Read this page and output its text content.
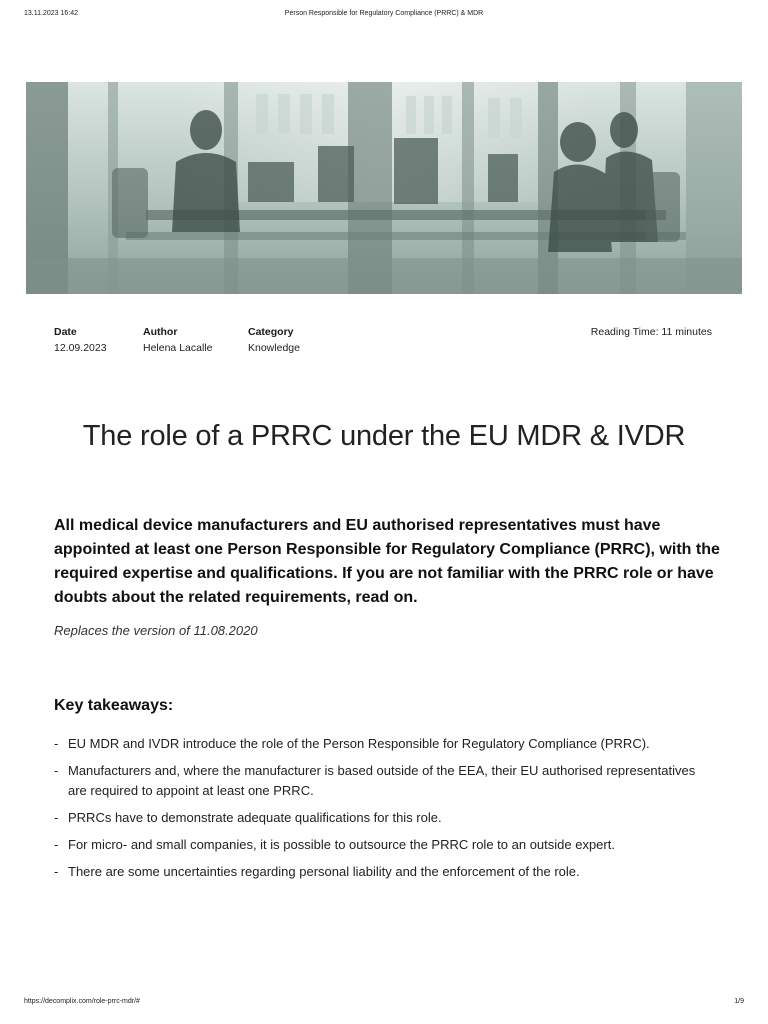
13.11.2023 16:42	Person Responsible for Regulatory Compliance (PRRC) & MDR
Date
12.09.2023
Author
Helena Lacalle
Category
Knowledge
Reading Time: 11 minutes
The role of a PRRC under the EU MDR & IVDR

All medical device manufacturers and EU authorised representatives must have appointed at least one Person Responsible for Regulatory Compliance (PRRC), with the required expertise and qualifications. If you are not familiar with the PRRC role or have doubts about the related requirements, read on.

Replaces the version of 11.08.2020

Key takeaways:
- EU MDR and IVDR introduce the role of the Person Responsible for Regulatory Compliance (PRRC).
- Manufacturers and, where the manufacturer is based outside of the EEA, their EU authorised representatives are required to appoint at least one PRRC.
- PRRCs have to demonstrate adequate qualifications for this role.
- For micro- and small companies, it is possible to outsource the PRRC role to an outside expert.
- There are some uncertainties regarding personal liability and the enforcement of the role.
https://decomplix.com/role-prrc-mdr/#	1/9
